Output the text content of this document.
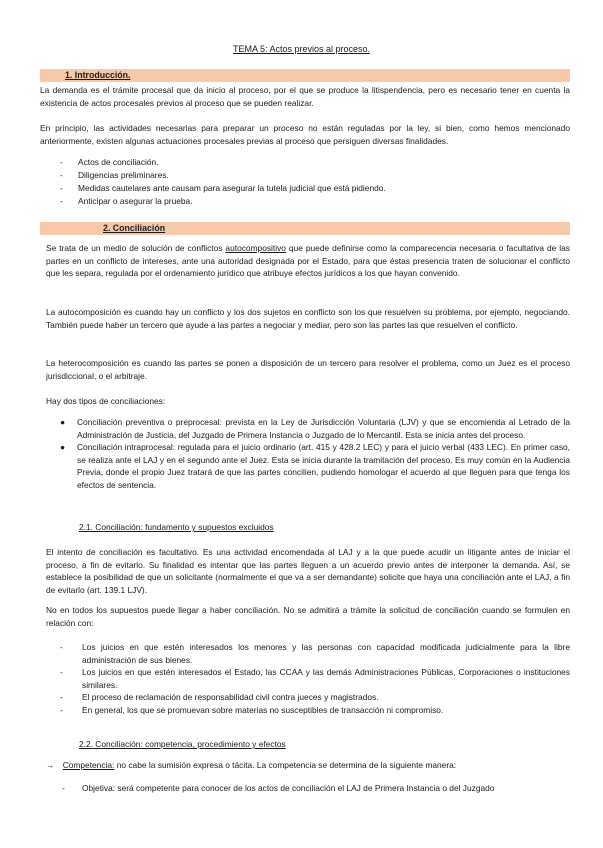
TEMA 5: Actos previos al proceso.
1. Introducción.
La demanda es el trámite procesal que da inicio al proceso, por el que se produce la litispendencia, pero es necesario tener en cuenta la existencia de actos procesales previos al proceso que se pueden realizar.
En principio, las actividades necesarias para preparar un proceso no están reguladas por la ley, si bien, como hemos mencionado anteriormente, existen algunas actuaciones procesales previas al proceso que persiguen diversas finalidades.
- Actos de conciliación.
- Diligencias preliminares.
- Medidas cautelares ante causam para asegurar la tutela judicial que está pidiendo.
- Anticipar o asegurar la prueba.
2. Conciliación
Se trata de un medio de solución de conflictos autocompositivo que puede definirse como la comparecencia necesaria o facultativa de las partes en un conflicto de intereses, ante una autoridad designada por el Estado, para que éstas presencia traten de solucionar el conflicto que les separa, regulada por el ordenamiento jurídico que atribuye efectos jurídicos a los que hayan convenido.
La autocomposición es cuando hay un conflicto y los dos sujetos en conflicto son los que resuelven su problema, por ejemplo, negociando. También puede haber un tercero que ayude a las partes a negociar y mediar, pero son las partes las que resuelven el conflicto.
La heterocomposición es cuando las partes se ponen a disposición de un tercero para resolver el problema, como un Juez es el proceso jurisdiccional, o el arbitraje.
Hay dos tipos de conciliaciones:
● Conciliación preventiva o preprocesal: prevista en la Ley de Jurisdicción Voluntaria (LJV) y que se encomienda al Letrado de la Administración de Justicia, del Juzgado de Primera Instancia o Juzgado de lo Mercantil. Esta se inicia antes del proceso.
● Conciliación intraprocesal: regulada para el juicio ordinario (art. 415 y 428.2 LEC) y para el juicio verbal (433 LEC). En primer caso, se realiza ante el LAJ y en el segundo ante el Juez. Esta se inicia durante la tramitación del proceso. Es muy común en la Audiencia Previa, donde el propio Juez tratará de que las partes concilien, pudiendo homologar el acuerdo al que lleguen para que tenga los efectos de sentencia.
2.1. Conciliación: fundamento y supuestos excluidos
El intento de conciliación es facultativo. Es una actividad encomendada al LAJ y a la que puede acudir un litigante antes de iniciar el proceso, a fin de evitarlo. Su finalidad es intentar que las partes lleguen a un acuerdo previo antes de interponer la demanda. Así, se establece la posibilidad de que un solicitante (normalmente el que va a ser demandante) solicite que haya una conciliación ante el LAJ, a fin de evitarlo (art. 139.1 LJV).
No en todos los supuestos puede llegar a haber conciliación. No se admitirá a trámite la solicitud de conciliación cuando se formulen en relación con:
- Los juicios en que estén interesados los menores y las personas con capacidad modificada judicialmente para la libre administración de sus bienes.
- Los juicios en que estén interesados el Estado, las CCAA y las demás Administraciones Públicas, Corporaciones o instituciones similares.
- El proceso de reclamación de responsabilidad civil contra jueces y magistrados.
- En general, los que se promuevan sobre materias no susceptibles de transacción ni compromiso.
2.2. Conciliación: competencia, procedimiento y efectos
→ Competencia: no cabe la sumisión expresa o tácita. La competencia se determina de la siguiente manera:
- Objetiva: será competente para conocer de los actos de conciliación el LAJ de Primera Instancia o del Juzgado
